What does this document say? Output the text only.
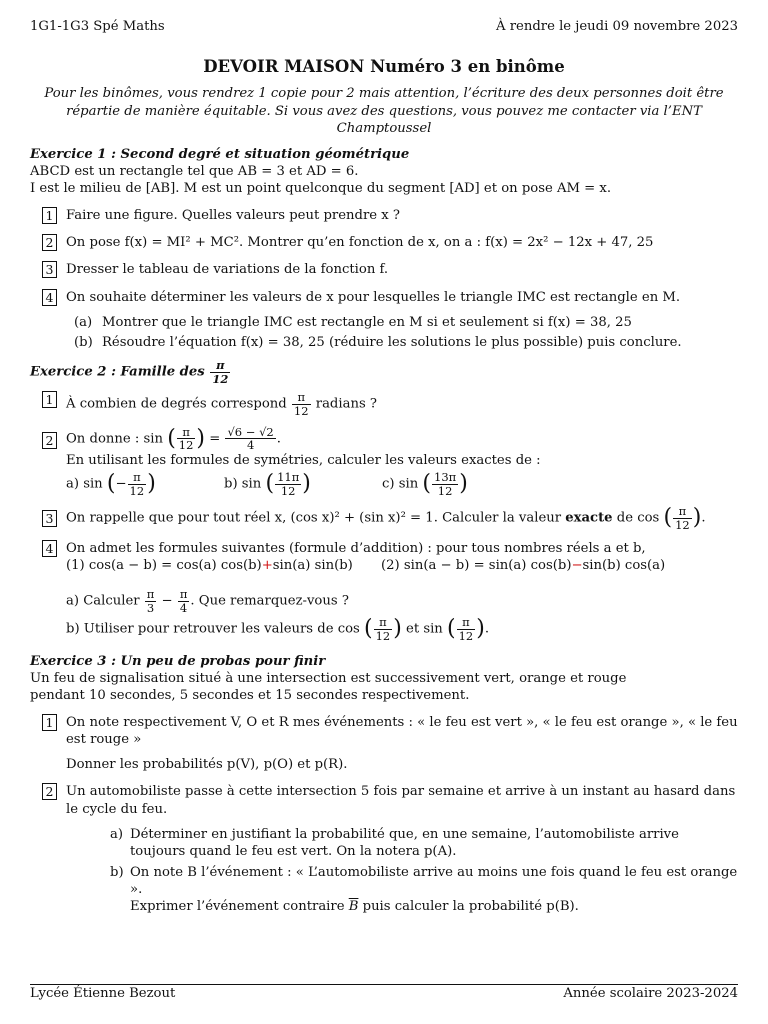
1G1-1G3 Spé Maths	À rendre le jeudi 09 novembre 2023
DEVOIR MAISON Numéro 3 en binôme
Pour les binômes, vous rendrez 1 copie pour 2 mais attention, l’écriture des deux personnes doit être répartie de manière équitable. Si vous avez des questions, vous pouvez me contacter via l’ENT Champtoussel
Exercice 1 : Second degré et situation géométrique
ABCD est un rectangle tel que AB = 3 et AD = 6.
I est le milieu de [AB]. M est un point quelconque du segment [AD] et on pose AM = x.
1 Faire une figure. Quelles valeurs peut prendre x ?
2 On pose f(x) = MI² + MC². Montrer qu’en fonction de x, on a : f(x) = 2x² − 12x + 47, 25
3 Dresser le tableau de variations de la fonction f.
4 On souhaite déterminer les valeurs de x pour lesquelles le triangle IMC est rectangle en M.
(a) Montrer que le triangle IMC est rectangle en M si et seulement si f(x) = 38, 25
(b) Résoudre l’équation f(x) = 38, 25 (réduire les solutions le plus possible) puis conclure.
Exercice 2 : Famille des $\frac{\pi}{12}$
1 À combien de degrés correspond $\frac{\pi}{12}$ radians ?
2 On donne : sin ( $\frac{\pi}{12}$ ) = $\frac{√6 - √2}{4}$ .
En utilisant les formules de symétries, calculer les valeurs exactes de :
a) sin (− $\frac{\pi}{12}$ )	b) sin ( $\frac{11\pi}{12}$ )	c) sin ( $\frac{13\pi}{12}$ )
3 On rappelle que pour tout réel x, (cos x)² + (sin x)² = 1. Calculer la valeur exacte de cos ( $\frac{\pi}{12}$ ).
4 On admet les formules suivantes (formule d’addition) : pour tous nombres réels a et b,
(1) cos(a − b) = cos(a) cos(b)+sin(a) sin(b)	(2) sin(a − b) = sin(a) cos(b)−sin(b) cos(a)
a) Calculer $\frac{\pi}{3} - \frac{\pi}{4}$ . Que remarquez-vous ?
b) Utiliser pour retrouver les valeurs de cos ( $\frac{\pi}{12}$ ) et sin ( $\frac{\pi}{12}$ ).
Exercice 3 : Un peu de probas pour finir
Un feu de signalisation situé à une intersection est successivement vert, orange et rouge pendant 10 secondes, 5 secondes et 15 secondes respectivement.
1 On note respectivement V, O et R mes événements : « le feu est vert », « le feu est orange », « le feu est rouge »
Donner les probabilités p(V), p(O) et p(R).
2 Un automobiliste passe à cette intersection 5 fois par semaine et arrive à un instant au hasard dans le cycle du feu.
a) Déterminer en justifiant la probabilité que, en une semaine, l’automobiliste arrive toujours quand le feu est vert. On la notera p(A).
b) On note B l’événement : « L’automobiliste arrive au moins une fois quand le feu est orange ».
Exprimer l’événement contraire $\overline{B}$ puis calculer la probabilité p(B).
Lycée Étienne Bezout	Année scolaire 2023-2024
